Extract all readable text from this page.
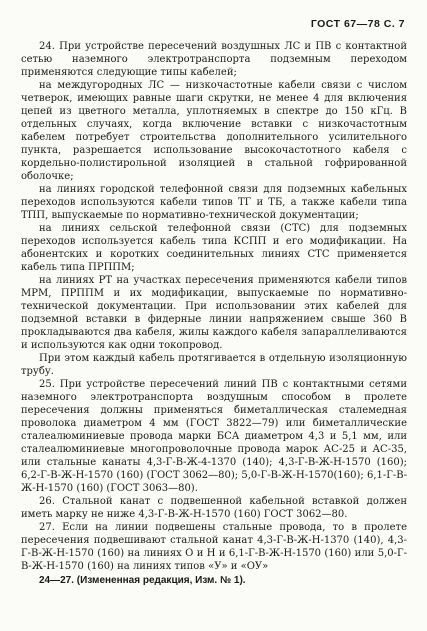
ГОСТ 67—78 С. 7

24. При устройстве пересечений воздушных ЛС и ПВ с контактной сетью наземного электротранспорта подземным переходом применяются следующие типы кабелей;

на междугородных ЛС — низкочастотные кабели связи с числом четверок, имеющих равные шаги скрутки, не менее 4 для включения цепей из цветного металла, уплотняемых в спектре до 150 кГц. В отдельных случаях, когда включение вставки с низкочастотным кабелем потребует строительства дополнительного усилительного пункта, разрешается использование высокочастотного кабеля с кордельно-полистирольной изоляцией в стальной гофрированной оболочке;

на линиях городской телефонной связи для подземных кабельных переходов используются кабели типов ТГ и ТБ, а также кабели типа ТПП, выпускаемые по нормативно-технической документации;

на линиях сельской телефонной связи (СТС) для подземных переходов используется кабель типа КСПП и его модификации. На абонентских и коротких соединительных линиях СТС применяется кабель типа ПРППМ;

на линиях РТ на участках пересечения применяются кабели типов МРМ, ПРППМ и их модификации, выпускаемые по нормативно-технической документации. При использовании этих кабелей для подземной вставки в фидерные линии напряжением свыше 360 В прокладываются два кабеля, жилы каждого кабеля запараллеливаются и используются как одни токопровод.

При этом каждый кабель протягивается в отдельную изоляционную трубу.

25. При устройстве пересечений линий ПВ с контактными сетями наземного электротранспорта воздушным способом в пролете пересечения должны применяться биметаллическая сталемедная проволока диаметром 4 мм (ГОСТ 3822—79) или биметаллические сталеалюминиевые провода марки БСА диаметром 4,3 и 5,1 мм, или сталеалюминиевые многопроволочные провода марок АС-25 и АС-35, или стальные канаты 4,3-Г-В-Ж-4-1370 (140); 4,3-Г-В-Ж-Н-1570 (160); 6,2-Г-В-Ж-Н-1570 (160) (ГОСТ 3062—80); 5,0-Г-В-Ж-Н-1570(160); 6,1-Г-В-Ж-Н-1570 (160) (ГОСТ 3063—80).

26. Стальной канат с подвешенной кабельной вставкой должен иметь марку не ниже 4,3-Г-В-Ж-Н-1570 (160) ГОСТ 3062—80.

27. Если на линии подвешены стальные провода, то в пролете пересечения подвешивают стальной канат 4,3-Г-В-Ж-Н-1370 (140), 4,3-Г-В-Ж-Н-1570 (160) на линиях О и Н и 6,1-Г-В-Ж-Н-1570 (160) или 5,0-Г-В-Ж-Н-1570 (160) на линиях типов «У» и «ОУ»

24—27. (Измененная редакция, Изм. № 1).
